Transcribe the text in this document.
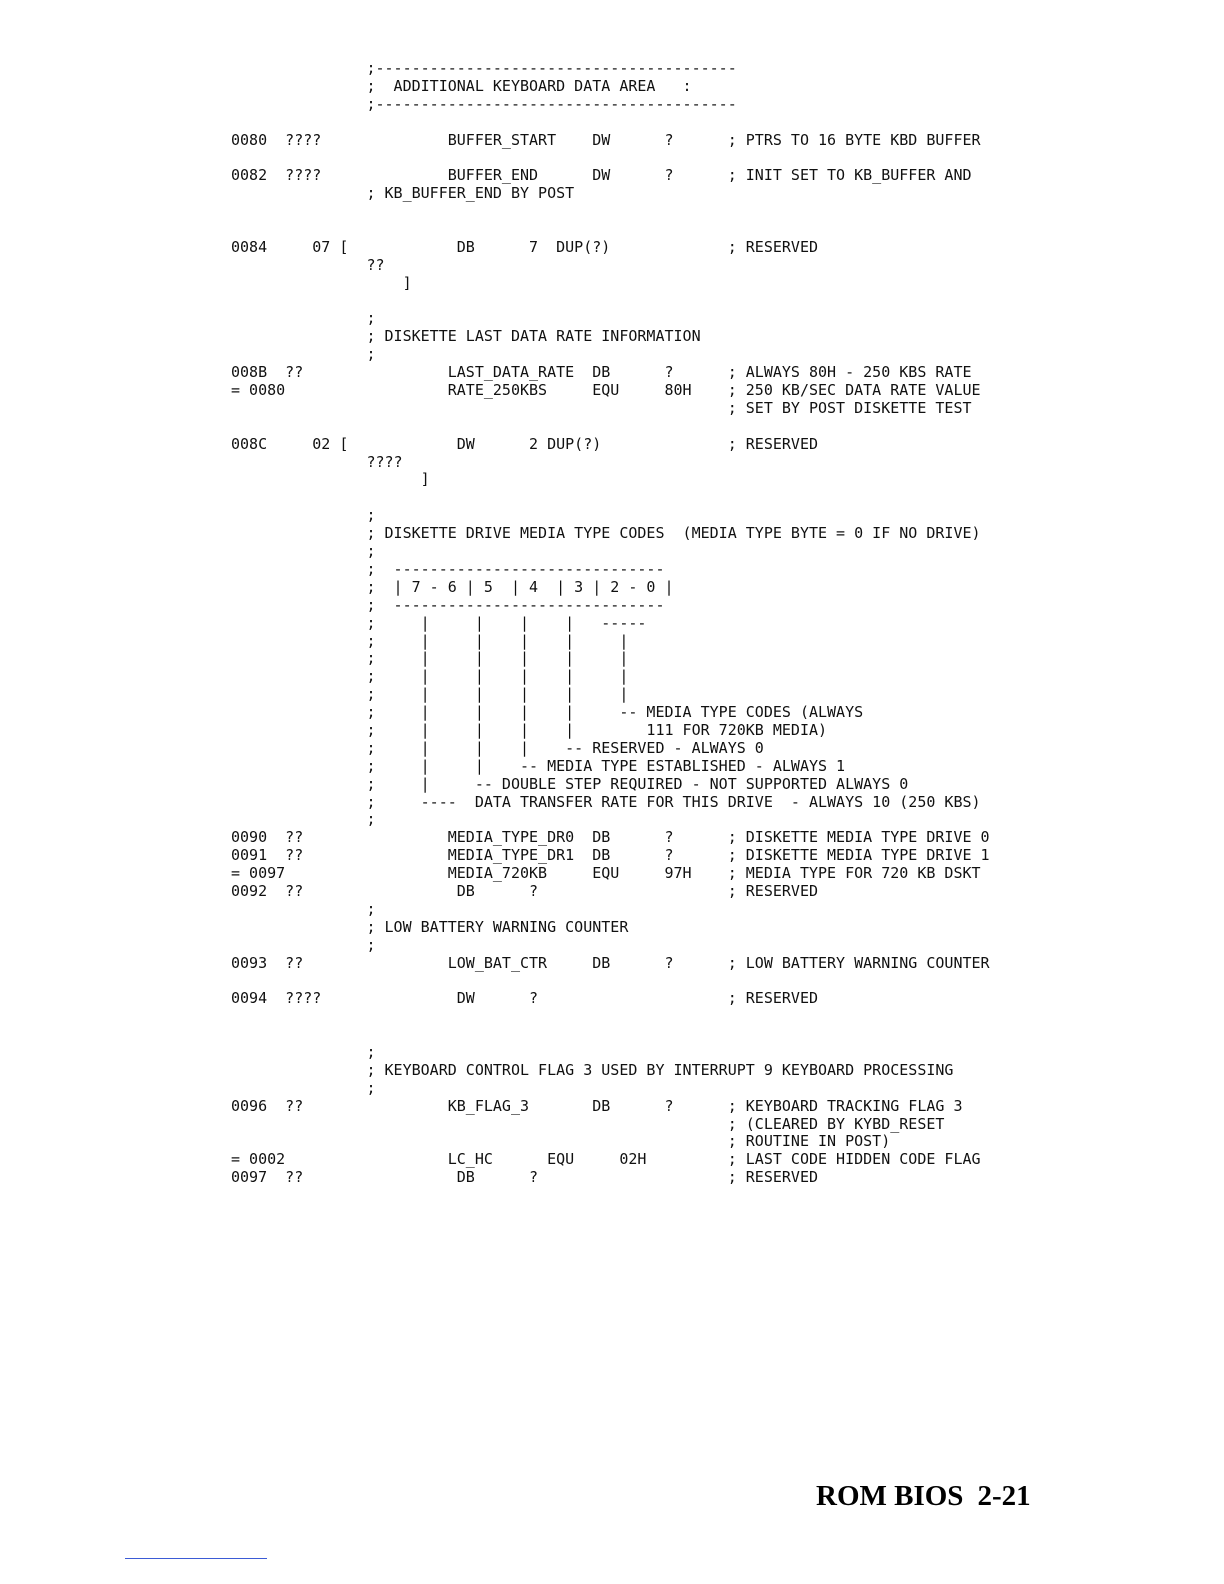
;----------------------------------------
;  ADDITIONAL KEYBOARD DATA AREA   :
;----------------------------------------
0080  ????              BUFFER_START    DW      ?      ; PTRS TO 16 BYTE KBD BUFFER
0082  ????              BUFFER_END      DW      ?      ; INIT SET TO KB_BUFFER AND
; KB_BUFFER_END BY POST
0084     07 [            DB      7  DUP(?)             ; RESERVED
??
]
;
; DISKETTE LAST DATA RATE INFORMATION
;
008B  ??                LAST_DATA_RATE  DB      ?      ; ALWAYS 80H - 250 KBS RATE
= 0080                  RATE_250KBS     EQU     80H    ; 250 KB/SEC DATA RATE VALUE
; SET BY POST DISKETTE TEST
008C     02 [            DW      2 DUP(?)              ; RESERVED
????
]
;
; DISKETTE DRIVE MEDIA TYPE CODES  (MEDIA TYPE BYTE = 0 IF NO DRIVE)
;
;  ------------------------------
;  | 7 - 6 | 5  | 4  | 3 | 2 - 0 |
;  ------------------------------
;     |     |    |    |   -----
;     |     |    |    |     |
;     |     |    |    |     |
;     |     |    |    |     |
;     |     |    |    |     |
;     |     |    |    |     -- MEDIA TYPE CODES (ALWAYS
;     |     |    |    |        111 FOR 720KB MEDIA)
;     |     |    |    -- RESERVED - ALWAYS 0
;     |     |    -- MEDIA TYPE ESTABLISHED - ALWAYS 1
;     |     -- DOUBLE STEP REQUIRED - NOT SUPPORTED ALWAYS 0
;     ----  DATA TRANSFER RATE FOR THIS DRIVE  - ALWAYS 10 (250 KBS)
;
0090  ??                MEDIA_TYPE_DR0  DB      ?      ; DISKETTE MEDIA TYPE DRIVE 0
0091  ??                MEDIA_TYPE_DR1  DB      ?      ; DISKETTE MEDIA TYPE DRIVE 1
= 0097                  MEDIA_720KB     EQU     97H    ; MEDIA TYPE FOR 720 KB DSKT
0092  ??                 DB      ?                     ; RESERVED
;
; LOW BATTERY WARNING COUNTER
;
0093  ??                LOW_BAT_CTR     DB      ?      ; LOW BATTERY WARNING COUNTER
0094  ????               DW      ?                     ; RESERVED
;
; KEYBOARD CONTROL FLAG 3 USED BY INTERRUPT 9 KEYBOARD PROCESSING
;
0096  ??                KB_FLAG_3       DB      ?      ; KEYBOARD TRACKING FLAG 3
; (CLEARED BY KYBD_RESET
; ROUTINE IN POST)
= 0002                  LC_HC      EQU     02H         ; LAST CODE HIDDEN CODE FLAG
0097  ??                 DB      ?                     ; RESERVED
ROM BIOS 2-21
